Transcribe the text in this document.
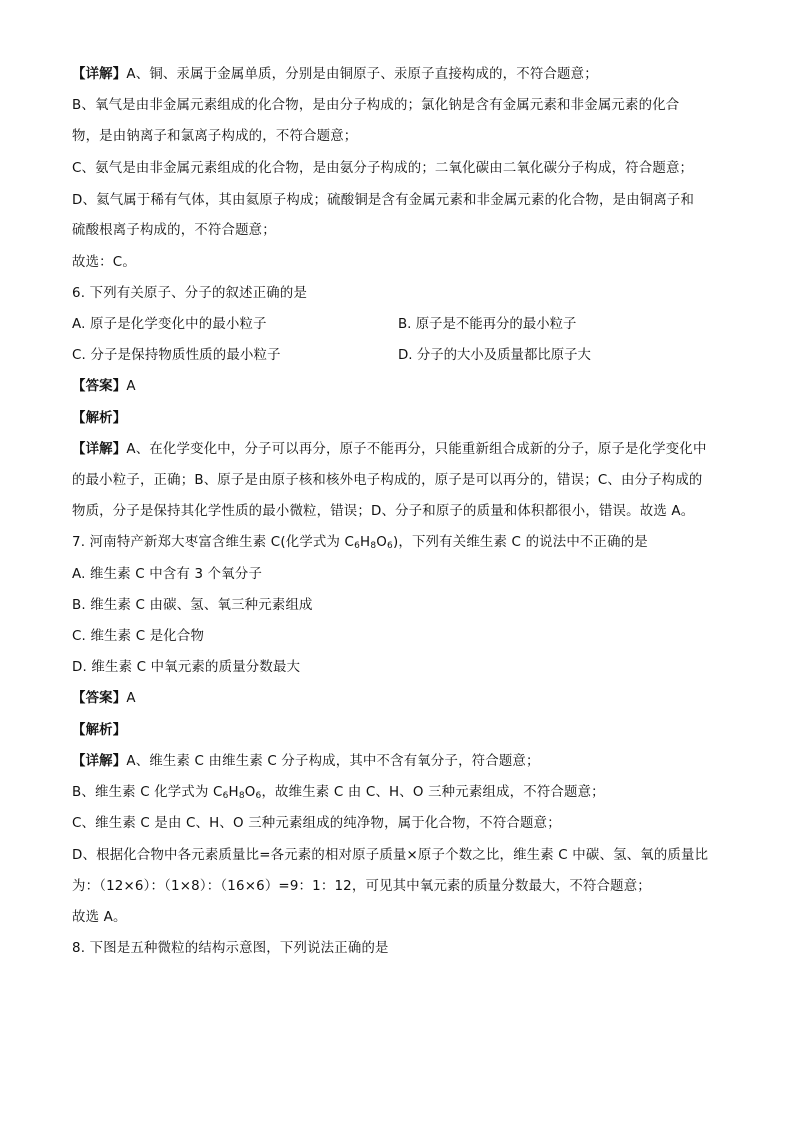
【详解】A、铜、汞属于金属单质，分别是由铜原子、汞原子直接构成的，不符合题意；
B、氧气是由非金属元素组成的化合物，是由分子构成的；氯化钠是含有金属元素和非金属元素的化合
物，是由钠离子和氯离子构成的，不符合题意；
C、氨气是由非金属元素组成的化合物，是由氨分子构成的；二氧化碳由二氧化碳分子构成，符合题意；
D、氦气属于稀有气体，其由氦原子构成；硫酸铜是含有金属元素和非金属元素的化合物，是由铜离子和
硫酸根离子构成的，不符合题意；
故选：C。
6. 下列有关原子、分子的叙述正确的是
A. 原子是化学变化中的最小粒子	B. 原子是不能再分的最小粒子
C. 分子是保持物质性质的最小粒子	D. 分子的大小及质量都比原子大
【答案】A
【解析】
【详解】A、在化学变化中，分子可以再分，原子不能再分，只能重新组合成新的分子，原子是化学变化中
的最小粒子，正确；B、原子是由原子核和核外电子构成的，原子是可以再分的，错误；C、由分子构成的
物质，分子是保持其化学性质的最小微粒，错误；D、分子和原子的质量和体积都很小，错误。故选 A。
7. 河南特产新郑大枣富含维生素 C(化学式为 $C_6H_8O_6$)，下列有关维生素 C 的说法中不正确的是
A. 维生素 C 中含有 3 个氧分子
B. 维生素 C 由碳、氢、氧三种元素组成
C. 维生素 C 是化合物
D. 维生素 C 中氧元素的质量分数最大
【答案】A
【解析】
【详解】A、维生素 C 由维生素 C 分子构成，其中不含有氧分子，符合题意；
B、维生素 C 化学式为 $C_6H_8O_6$，故维生素 C 由 C、H、O 三种元素组成，不符合题意；
C、维生素 C 是由 C、H、O 三种元素组成的纯净物，属于化合物，不符合题意；
D、根据化合物中各元素质量比=各元素的相对原子质量×原子个数之比，维生素 C 中碳、氢、氧的质量比
为：（12×6）：（1×8）：（16×6）=9：1：12，可见其中氧元素的质量分数最大，不符合题意；
故选 A。
8. 下图是五种微粒的结构示意图，下列说法正确的是
